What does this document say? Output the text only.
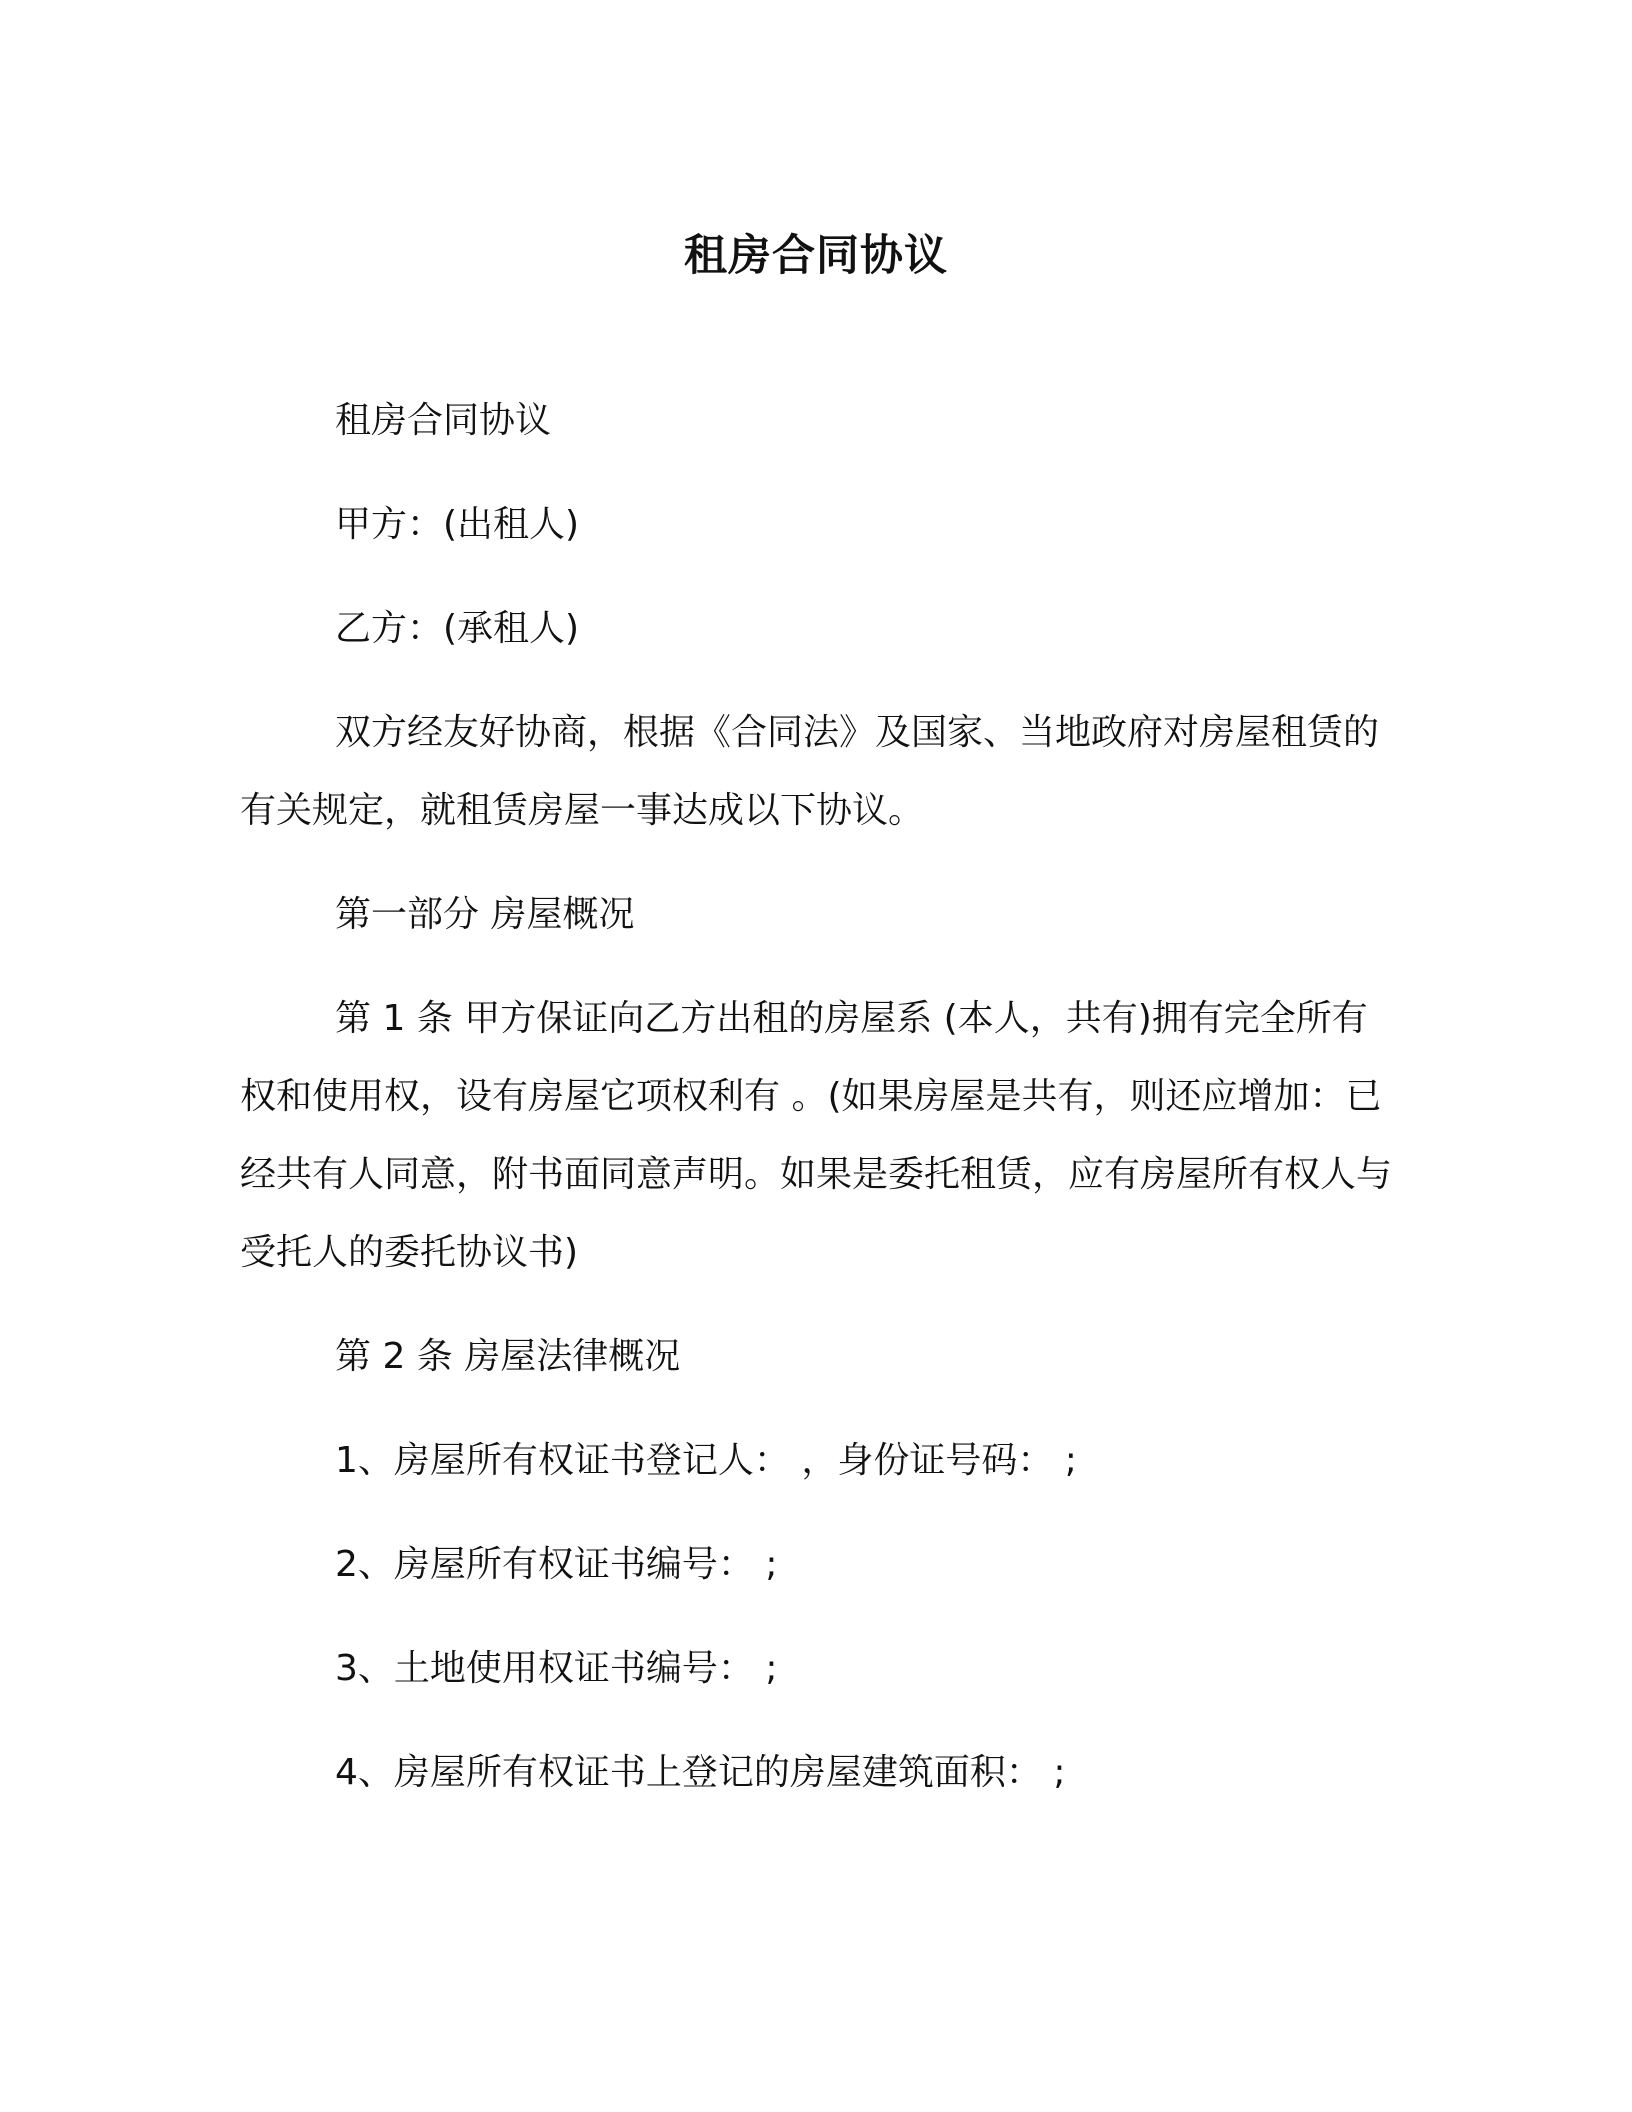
租房合同协议

租房合同协议

甲方：(出租人)

乙方：(承租人)

双方经友好协商，根据《合同法》及国家、当地政府对房屋租赁的有关规定，就租赁房屋一事达成以下协议。

第一部分 房屋概况

第 1 条 甲方保证向乙方出租的房屋系 (本人，共有)拥有完全所有权和使用权，设有房屋它项权利有 。(如果房屋是共有，则还应增加：已经共有人同意，附书面同意声明。如果是委托租赁，应有房屋所有权人与受托人的委托协议书)

第 2 条 房屋法律概况

1、房屋所有权证书登记人： ，身份证号码： ;

2、房屋所有权证书编号： ;

3、土地使用权证书编号： ;

4、房屋所有权证书上登记的房屋建筑面积： ;
